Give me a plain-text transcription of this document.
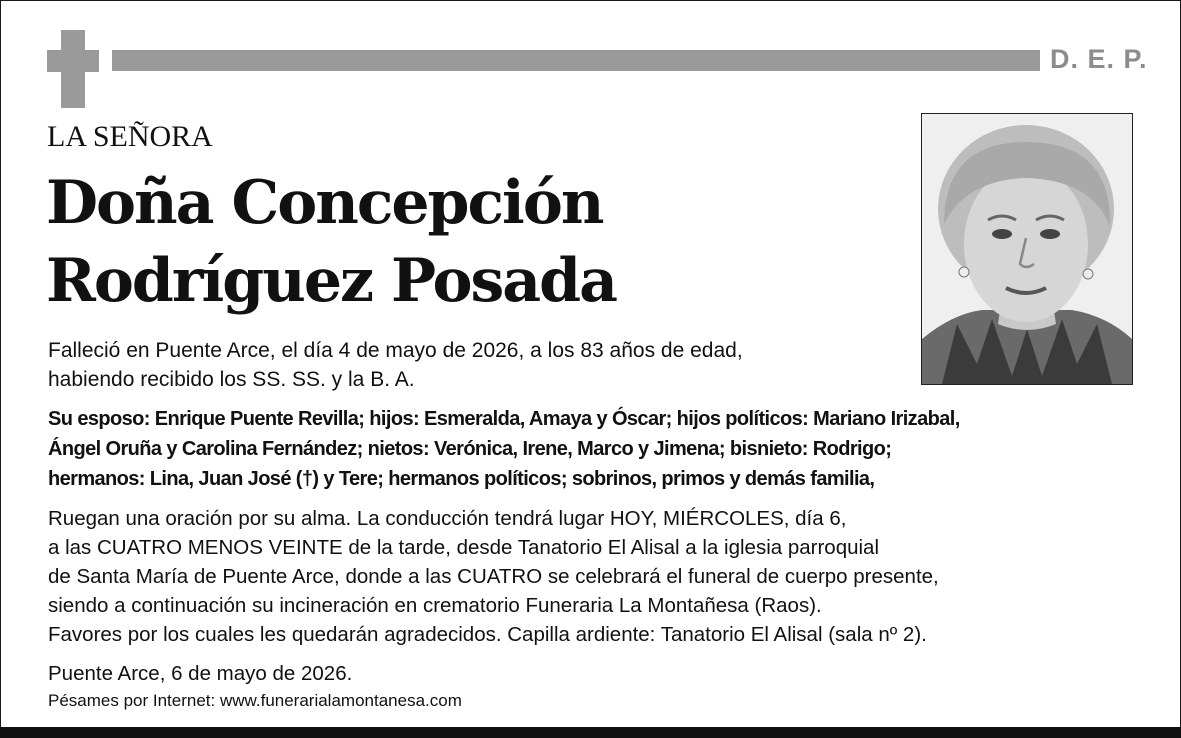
D. E. P.
LA SEÑORA
Doña Concepción
Rodríguez Posada
Falleció en Puente Arce, el día 4 de mayo de 2026, a los 83 años de edad,
habiendo recibido los SS. SS. y la B. A.
Su esposo: Enrique Puente Revilla; hijos: Esmeralda, Amaya y Óscar; hijos políticos: Mariano Irizabal,
Ángel Oruña y Carolina Fernández; nietos: Verónica, Irene, Marco y Jimena; bisnieto: Rodrigo;
hermanos: Lina, Juan José (†) y Tere; hermanos políticos; sobrinos, primos y demás familia,
Ruegan una oración por su alma. La conducción tendrá lugar HOY, MIÉRCOLES, día 6,
a las CUATRO MENOS VEINTE de la tarde, desde Tanatorio El Alisal a la iglesia parroquial
de Santa María de Puente Arce, donde a las CUATRO se celebrará el funeral de cuerpo presente,
siendo a continuación su incineración en crematorio Funeraria La Montañesa (Raos).
Favores por los cuales les quedarán agradecidos. Capilla ardiente: Tanatorio El Alisal (sala nº 2).
Puente Arce, 6 de mayo de 2026.
Pésames por Internet: www.funerarialamontanesa.com
